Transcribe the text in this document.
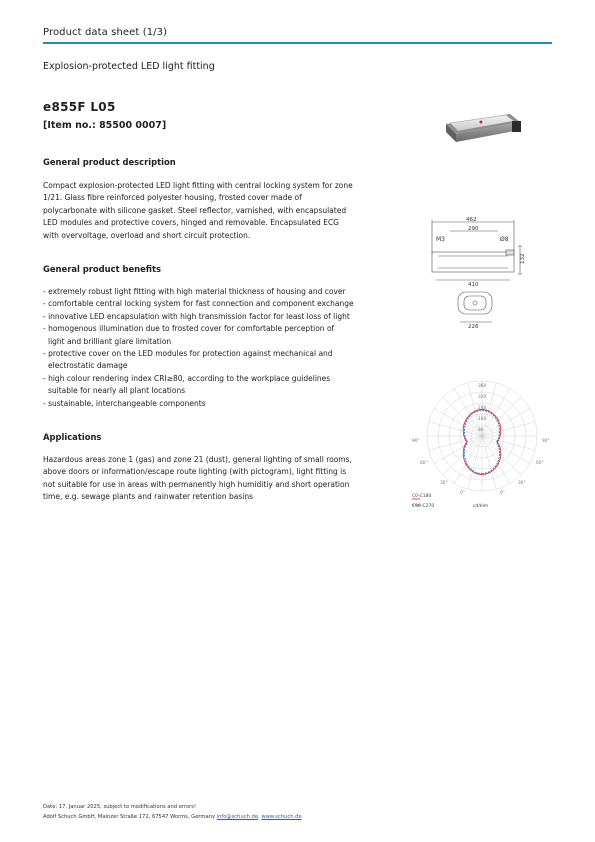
Product data sheet (1/3)
Explosion-protected LED light fitting
e855F L05
[Item no.: 85500 0007]
462
290
M3	Ø8
132
410
226
360
320
240
160
80
90°	90°
60°	60°
30°	30°
0°	0°
C0-C180
C90-C270	cd/klm
General product description
Compact explosion-protected LED light fitting with central locking system for zone
1/21. Glass fibre reinforced polyester housing, frosted cover made of
polycarbonate with silicone gasket. Steel reflector, varnished, with encapsulated
LED modules and protective covers, hinged and removable. Encapsulated ECG
with overvoltage, overload and short circuit protection.
General product benefits
- extremely robust light fitting with high material thickness of housing and cover
- comfortable central locking system for fast connection and component exchange
- innovative LED encapsulation with high transmission factor for least loss of light
- homogenous illumination due to frosted cover for comfortable perception of
light and brilliant glare limitation
- protective cover on the LED modules for protection against mechanical and
electrostatic damage
- high colour rendering index CRI≥80, according to the workplace guidelines
suitable for nearly all plant locations
- sustainable, interchangeable components
Applications
Hazardous areas zone 1 (gas) and zone 21 (dust), general lighting of small rooms,
above doors or information/escape route lighting (with pictogram), light fitting is
not suitable for use in areas with permanently high humiditiy and short operation
time, e.g. sewage plants and rainwater retention basins
Date: 17. Januar 2025, subject to modifications and errors!
Adolf Schuch GmbH, Mainzer Straße 172, 67547 Worms, Germany info@schuch.de, www.schuch.de
